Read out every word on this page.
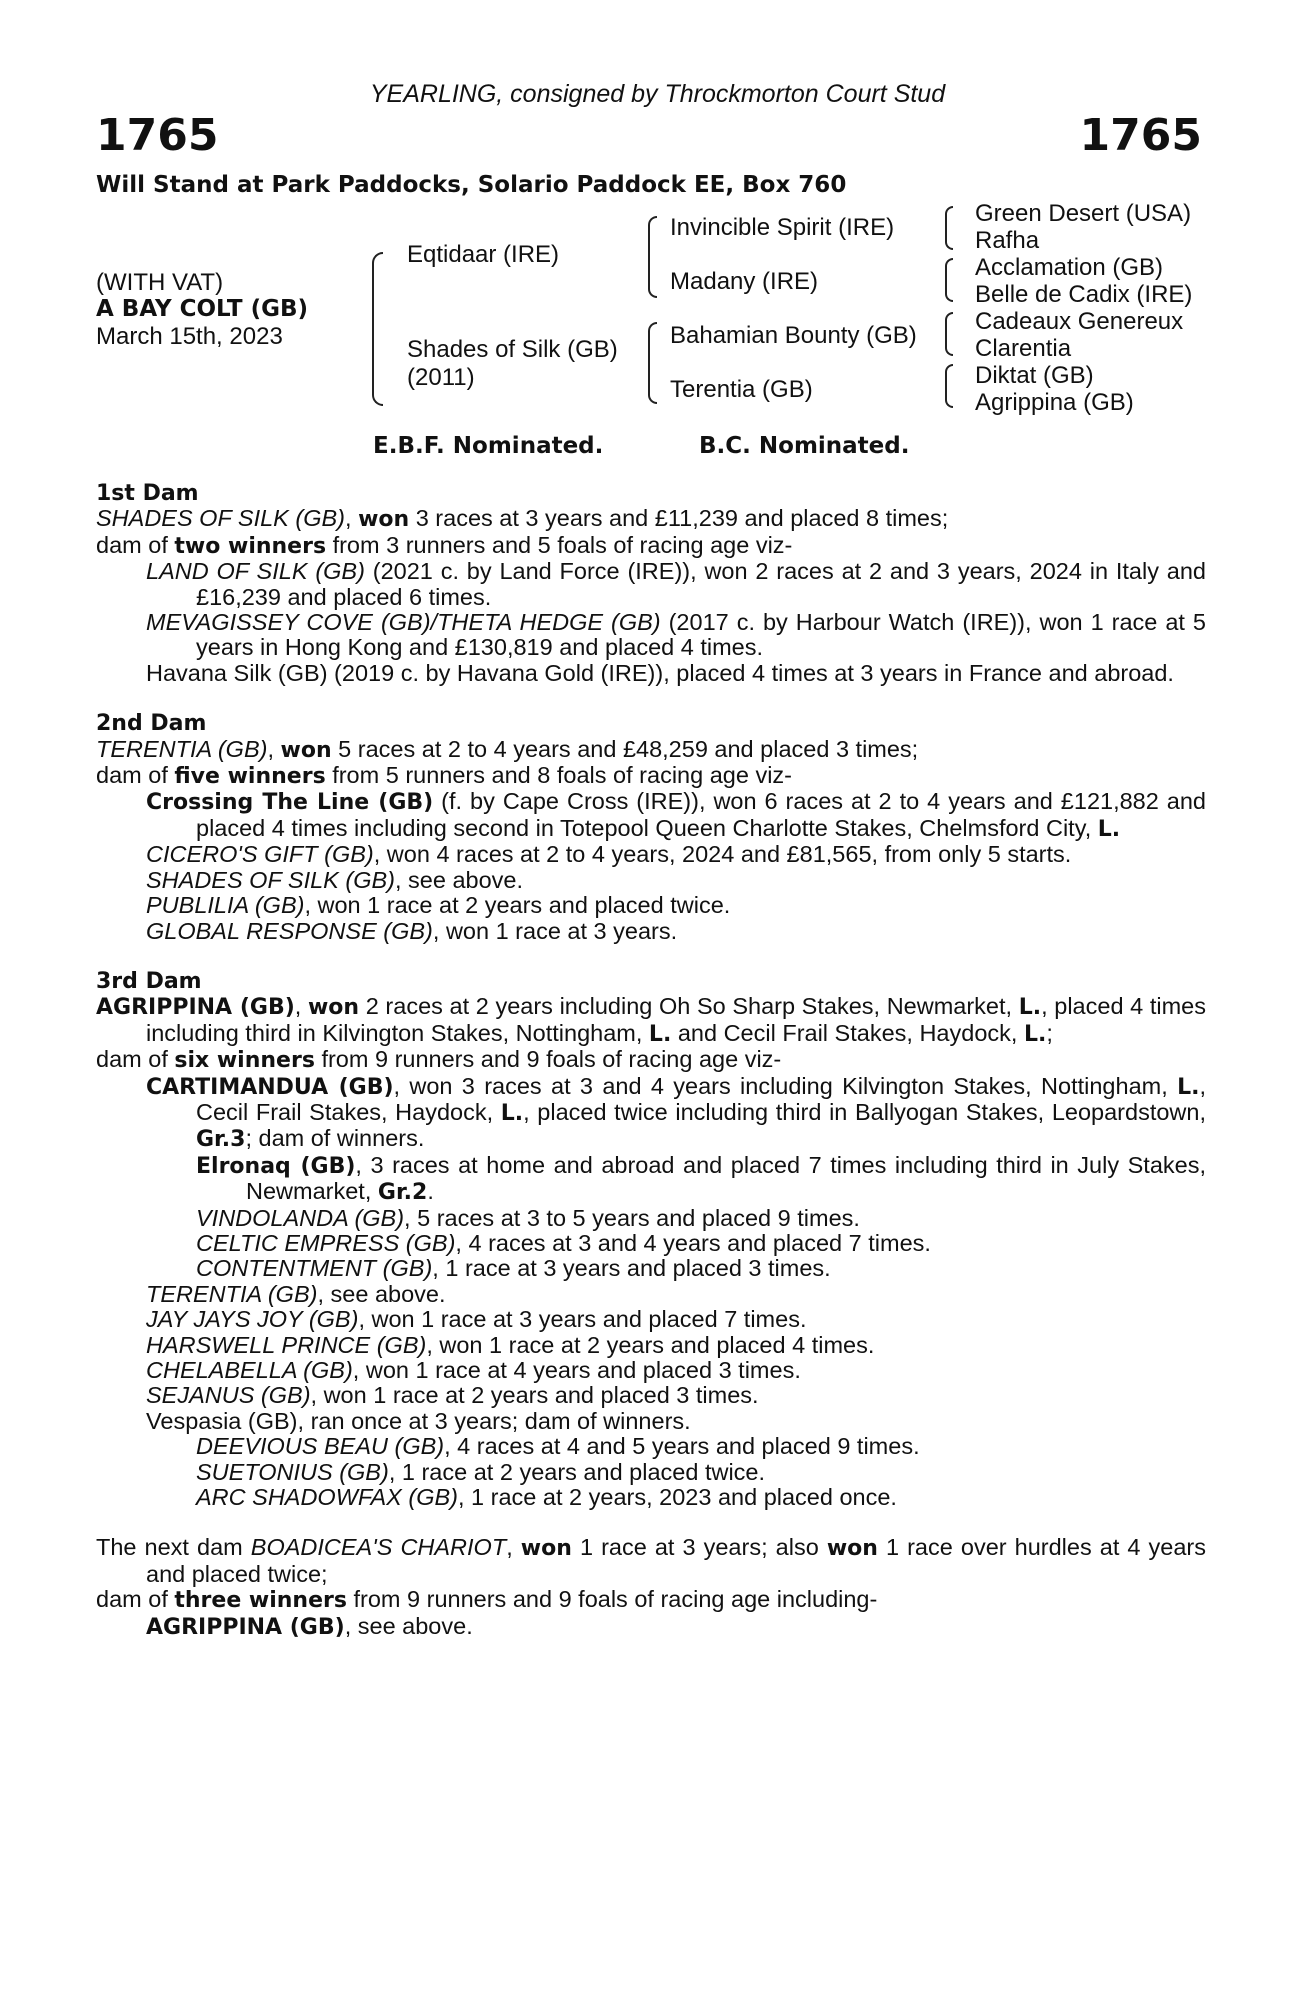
YEARLING, consigned by Throckmorton Court Stud
1765	1765
Will Stand at Park Paddocks, Solario Paddock EE, Box 760
(WITH VAT)
A BAY COLT (GB)
March 15th, 2023
Eqtidaar (IRE)
Shades of Silk (GB)
(2011)
Invincible Spirit (IRE)
Madany (IRE)
Bahamian Bounty (GB)
Terentia (GB)
Green Desert (USA)
Rafha
Acclamation (GB)
Belle de Cadix (IRE)
Cadeaux Genereux
Clarentia
Diktat (GB)
Agrippina (GB)
E.B.F. Nominated.	B.C. Nominated.

1st Dam

SHADES OF SILK (GB), won 3 races at 3 years and £11,239 and placed 8 times;

dam of two winners from 3 runners and 5 foals of racing age viz-

LAND OF SILK (GB) (2021 c. by Land Force (IRE)), won 2 races at 2 and 3 years, 2024 in Italy and £16,239 and placed 6 times.

MEVAGISSEY COVE (GB)/THETA HEDGE (GB) (2017 c. by Harbour Watch (IRE)), won 1 race at 5 years in Hong Kong and £130,819 and placed 4 times.

Havana Silk (GB) (2019 c. by Havana Gold (IRE)), placed 4 times at 3 years in France and abroad.

2nd Dam

TERENTIA (GB), won 5 races at 2 to 4 years and £48,259 and placed 3 times;

dam of five winners from 5 runners and 8 foals of racing age viz-

Crossing The Line (GB) (f. by Cape Cross (IRE)), won 6 races at 2 to 4 years and £121,882 and placed 4 times including second in Totepool Queen Charlotte Stakes, Chelmsford City, L.

CICERO'S GIFT (GB), won 4 races at 2 to 4 years, 2024 and £81,565, from only 5 starts.

SHADES OF SILK (GB), see above.

PUBLILIA (GB), won 1 race at 2 years and placed twice.

GLOBAL RESPONSE (GB), won 1 race at 3 years.

3rd Dam

AGRIPPINA (GB), won 2 races at 2 years including Oh So Sharp Stakes, Newmarket, L., placed 4 times including third in Kilvington Stakes, Nottingham, L. and Cecil Frail Stakes, Haydock, L.;

dam of six winners from 9 runners and 9 foals of racing age viz-

CARTIMANDUA (GB), won 3 races at 3 and 4 years including Kilvington Stakes, Nottingham, L., Cecil Frail Stakes, Haydock, L., placed twice including third in Ballyogan Stakes, Leopardstown, Gr.3; dam of winners.

Elronaq (GB), 3 races at home and abroad and placed 7 times including third in July Stakes, Newmarket, Gr.2.

VINDOLANDA (GB), 5 races at 3 to 5 years and placed 9 times.

CELTIC EMPRESS (GB), 4 races at 3 and 4 years and placed 7 times.

CONTENTMENT (GB), 1 race at 3 years and placed 3 times.

TERENTIA (GB), see above.

JAY JAYS JOY (GB), won 1 race at 3 years and placed 7 times.

HARSWELL PRINCE (GB), won 1 race at 2 years and placed 4 times.

CHELABELLA (GB), won 1 race at 4 years and placed 3 times.

SEJANUS (GB), won 1 race at 2 years and placed 3 times.

Vespasia (GB), ran once at 3 years; dam of winners.

DEEVIOUS BEAU (GB), 4 races at 4 and 5 years and placed 9 times.

SUETONIUS (GB), 1 race at 2 years and placed twice.

ARC SHADOWFAX (GB), 1 race at 2 years, 2023 and placed once.

The next dam BOADICEA'S CHARIOT, won 1 race at 3 years; also won 1 race over hurdles at 4 years and placed twice;

dam of three winners from 9 runners and 9 foals of racing age including-

AGRIPPINA (GB), see above.
